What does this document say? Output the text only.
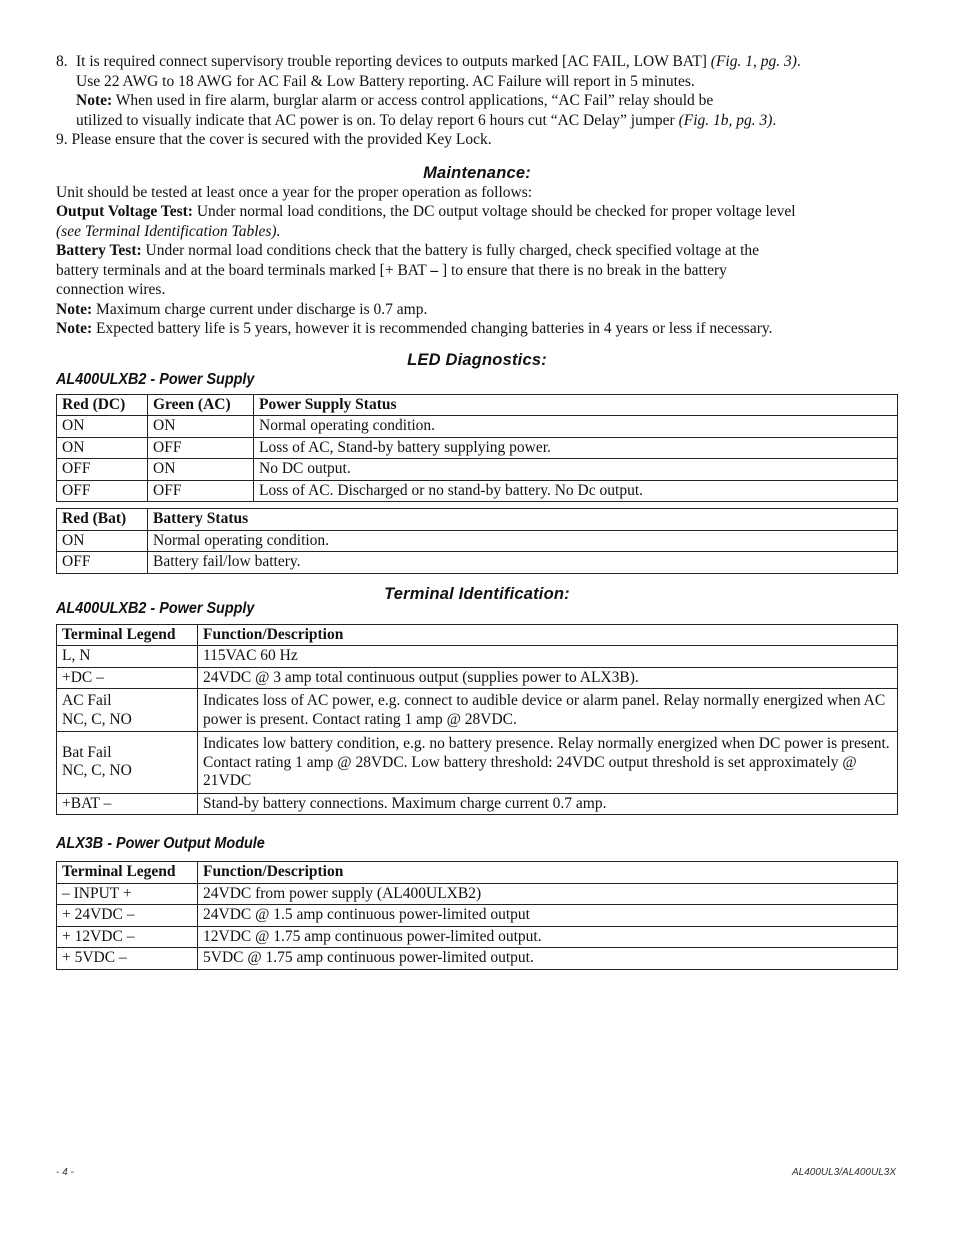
8. It is required connect supervisory trouble reporting devices to outputs marked [AC FAIL, LOW BAT] (Fig. 1, pg. 3).

Use 22 AWG to 18 AWG for AC Fail & Low Battery reporting. AC Failure will report in 5 minutes.

Note: When used in fire alarm, burglar alarm or access control applications, “AC Fail” relay should be

utilized to visually indicate that AC power is on. To delay report 6 hours cut “AC Delay” jumper (Fig. 1b, pg. 3).

9. Please ensure that the cover is secured with the provided Key Lock.

Maintenance:

Unit should be tested at least once a year for the proper operation as follows:

Output Voltage Test: Under normal load conditions, the DC output voltage should be checked for proper voltage level

(see Terminal Identification Tables).

Battery Test: Under normal load conditions check that the battery is fully charged, check specified voltage at the

battery terminals and at the board terminals marked [+ BAT – ] to ensure that there is no break in the battery

connection wires.

Note: Maximum charge current under discharge is 0.7 amp.

Note: Expected battery life is 5 years, however it is recommended changing batteries in 4 years or less if necessary.

LED Diagnostics:
AL400ULXB2 - Power Supply
Red (DC)	Green (AC)	Power Supply Status
ON	ON	Normal operating condition.
ON	OFF	Loss of AC, Stand-by battery supplying power.
OFF	ON	No DC output.
OFF	OFF	Loss of AC. Discharged or no stand-by battery. No Dc output.
Red (Bat)	Battery Status
ON	Normal operating condition.
OFF	Battery fail/low battery.
Terminal Identification:
AL400ULXB2 - Power Supply
Terminal Legend	Function/Description
L, N	115VAC 60 Hz
+DC –	24VDC @ 3 amp total continuous output (supplies power to ALX3B).

AC Fail
NC, C, NO	Indicates loss of AC power, e.g. connect to audible device or alarm panel. Relay normally energized when AC power is present. Contact rating 1 amp @ 28VDC.

Bat Fail
NC, C, NO	Indicates low battery condition, e.g. no battery presence. Relay normally energized when DC power is present. Contact rating 1 amp @ 28VDC. Low battery threshold: 24VDC output threshold is set approximately @ 21VDC
+BAT –	Stand-by battery connections. Maximum charge current 0.7 amp.
ALX3B - Power Output Module
Terminal Legend	Function/Description
– INPUT +	24VDC from power supply (AL400ULXB2)
+ 24VDC –	24VDC @ 1.5 amp continuous power-limited output
+ 12VDC –	12VDC @ 1.75 amp continuous power-limited output.
+ 5VDC –	5VDC @ 1.75 amp continuous power-limited output.
- 4 -	AL400UL3/AL400UL3X
